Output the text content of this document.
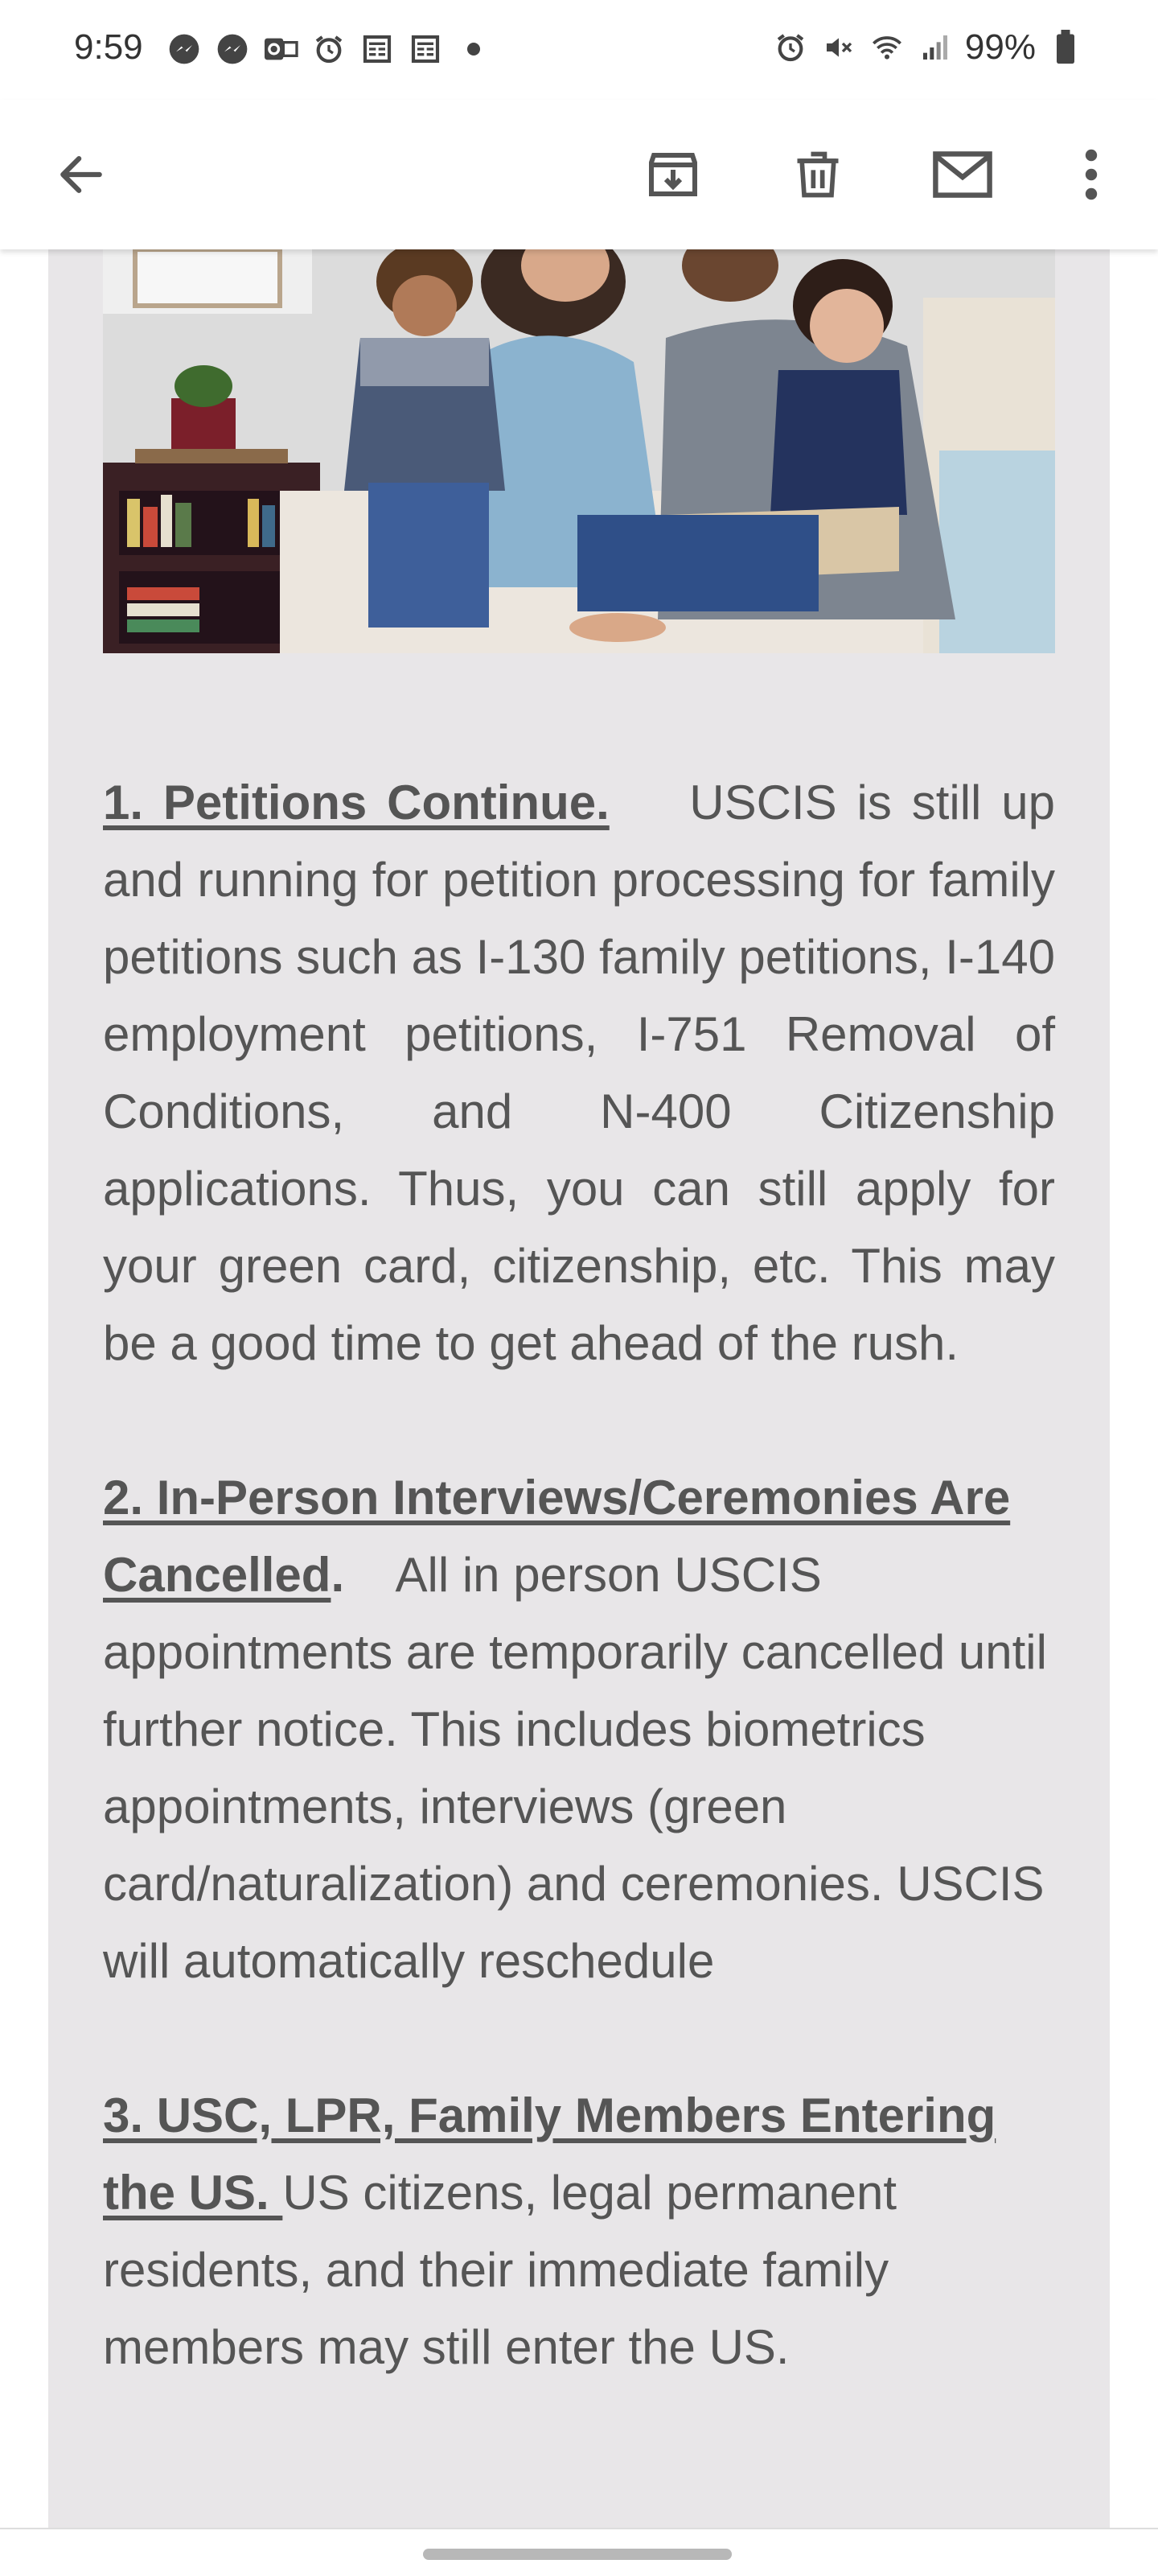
9:59	99%

1. Petitions Continue. USCIS is still up and running for petition processing for family petitions such as I-130 family petitions, I-140 employment petitions, I-751 Removal of Conditions, and N-400 Citizenship applications. Thus, you can still apply for your green card, citizenship, etc. This may be a good time to get ahead of the rush.

2. In-Person Interviews/Ceremonies Are Cancelled. All in person USCIS appointments are temporarily cancelled until further notice. This includes biometrics appointments, interviews (green card/naturalization) and ceremonies. USCIS will automatically reschedule

3. USC, LPR, Family Members Entering the US. US citizens, legal permanent residents, and their immediate family members may still enter the US.
